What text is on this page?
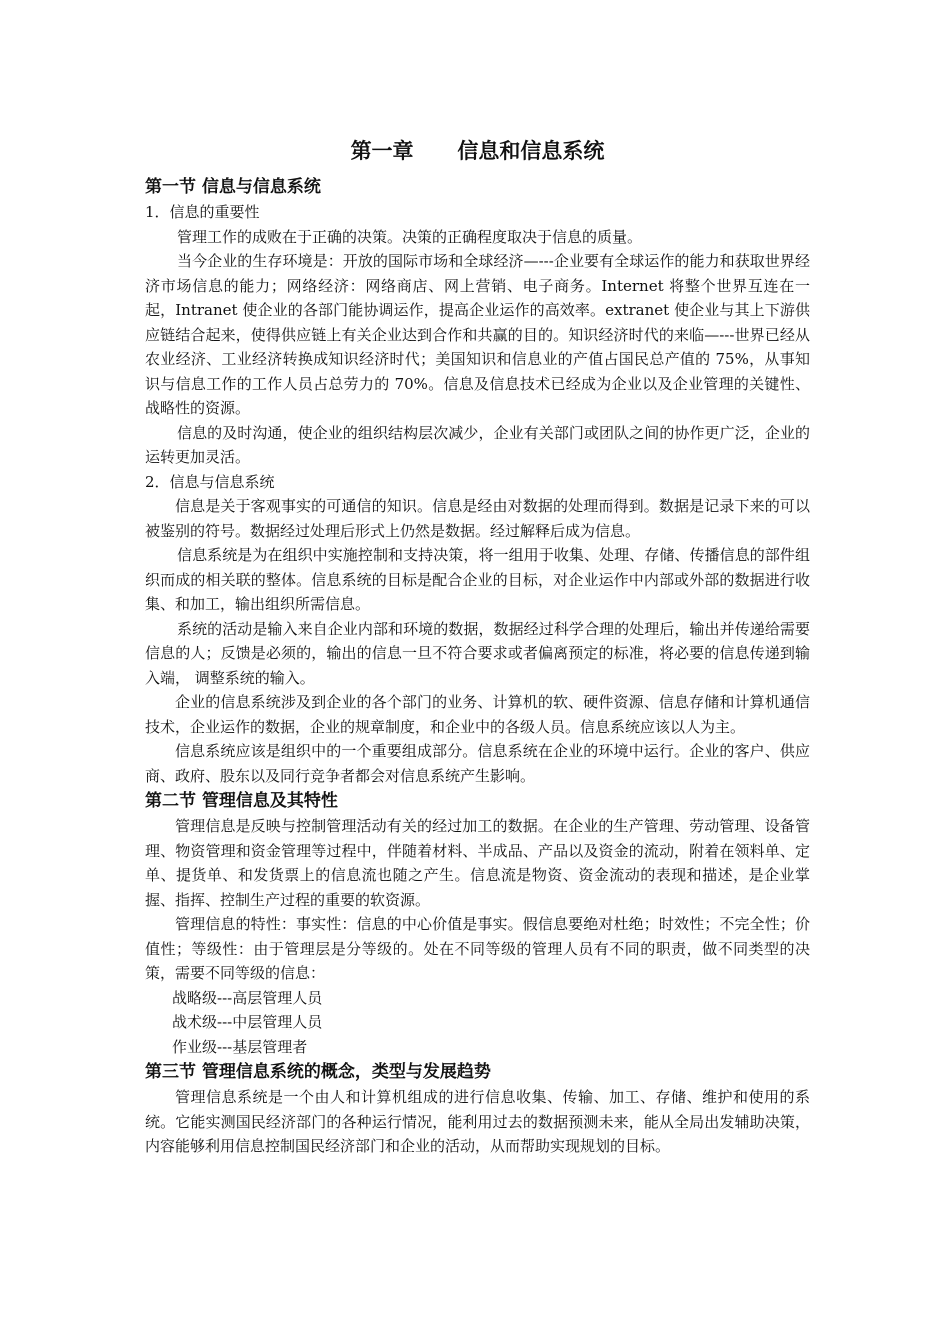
第一章      信息和信息系统
第一节 信息与信息系统
1．信息的重要性

管理工作的成败在于正确的决策。决策的正确程度取决于信息的质量。

当今企业的生存环境是：开放的国际市场和全球经济—---企业要有全球运作的能力和获取世界经济市场信息的能力；网络经济：网络商店、网上营销、电子商务。Internet 将整个世界互连在一起，Intranet 使企业的各部门能协调运作，提高企业运作的高效率。extranet 使企业与其上下游供应链结合起来，使得供应链上有关企业达到合作和共赢的目的。知识经济时代的来临—---世界已经从农业经济、工业经济转换成知识经济时代；美国知识和信息业的产值占国民总产值的 75%，从事知识与信息工作的工作人员占总劳力的 70%。信息及信息技术已经成为企业以及企业管理的关键性、战略性的资源。

信息的及时沟通，使企业的组织结构层次减少，企业有关部门或团队之间的协作更广泛，企业的运转更加灵活。

2．信息与信息系统

信息是关于客观事实的可通信的知识。信息是经由对数据的处理而得到。数据是记录下来的可以被鉴别的符号。数据经过处理后形式上仍然是数据。经过解释后成为信息。

信息系统是为在组织中实施控制和支持决策，将一组用于收集、处理、存储、传播信息的部件组织而成的相关联的整体。信息系统的目标是配合企业的目标，对企业运作中内部或外部的数据进行收集、和加工，输出组织所需信息。

系统的活动是输入来自企业内部和环境的数据，数据经过科学合理的处理后，输出并传递给需要信息的人；反馈是必须的，输出的信息一旦不符合要求或者偏离预定的标准，将必要的信息传递到输入端， 调整系统的输入。

企业的信息系统涉及到企业的各个部门的业务、计算机的软、硬件资源、信息存储和计算机通信技术，企业运作的数据，企业的规章制度，和企业中的各级人员。信息系统应该以人为主。

信息系统应该是组织中的一个重要组成部分。信息系统在企业的环境中运行。企业的客户、供应商、政府、股东以及同行竞争者都会对信息系统产生影响。

第二节 管理信息及其特性

管理信息是反映与控制管理活动有关的经过加工的数据。在企业的生产管理、劳动管理、设备管理、物资管理和资金管理等过程中，伴随着材料、半成品、产品以及资金的流动，附着在领料单、定单、提货单、和发货票上的信息流也随之产生。信息流是物资、资金流动的表现和描述，是企业掌握、指挥、控制生产过程的重要的软资源。

管理信息的特性：事实性：信息的中心价值是事实。假信息要绝对杜绝；时效性；不完全性；价值性；等级性：由于管理层是分等级的。处在不同等级的管理人员有不同的职责，做不同类型的决策，需要不同等级的信息：

战略级---高层管理人员
战术级---中层管理人员
作业级---基层管理者
第三节 管理信息系统的概念，类型与发展趋势

管理信息系统是一个由人和计算机组成的进行信息收集、传输、加工、存储、维护和使用的系统。它能实测国民经济部门的各种运行情况，能利用过去的数据预测未来，能从全局出发辅助决策，内容能够利用信息控制国民经济部门和企业的活动，从而帮助实现规划的目标。
